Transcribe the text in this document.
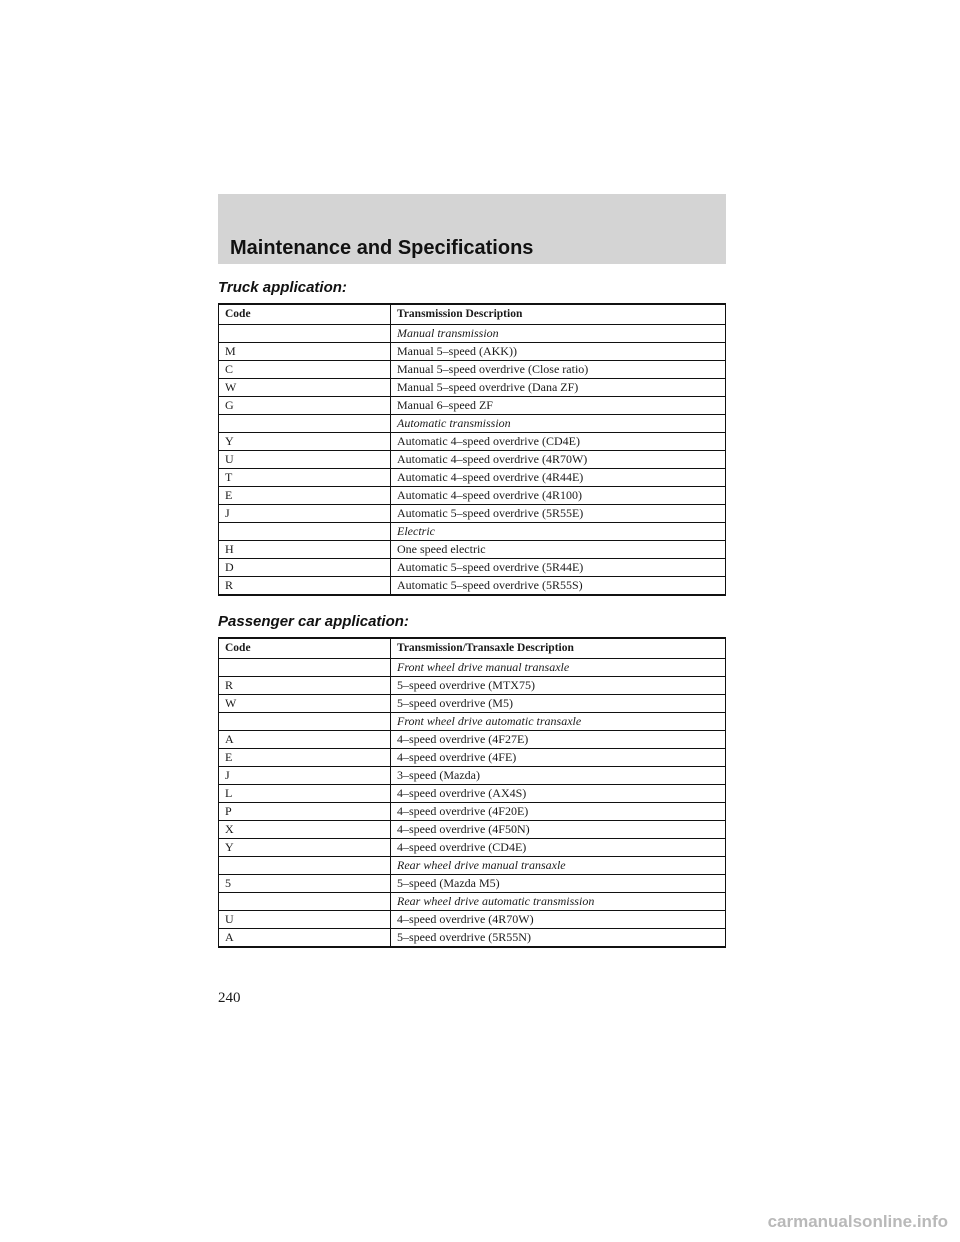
Maintenance and Specifications
Truck application:
Code	Transmission Description
	Manual transmission
M	Manual 5–speed (AKK))
C	Manual 5–speed overdrive (Close ratio)
W	Manual 5–speed overdrive (Dana ZF)
G	Manual 6–speed ZF
	Automatic transmission
Y	Automatic 4–speed overdrive (CD4E)
U	Automatic 4–speed overdrive (4R70W)
T	Automatic 4–speed overdrive (4R44E)
E	Automatic 4–speed overdrive (4R100)
J	Automatic 5–speed overdrive (5R55E)
	Electric
H	One speed electric
D	Automatic 5–speed overdrive (5R44E)
R	Automatic 5–speed overdrive (5R55S)
Passenger car application:
Code	Transmission/Transaxle Description
	Front wheel drive manual transaxle
R	5–speed overdrive (MTX75)
W	5–speed overdrive (M5)
	Front wheel drive automatic transaxle
A	4–speed overdrive (4F27E)
E	4–speed overdrive (4FE)
J	3–speed (Mazda)
L	4–speed overdrive (AX4S)
P	4–speed overdrive (4F20E)
X	4–speed overdrive (4F50N)
Y	4–speed overdrive (CD4E)
	Rear wheel drive manual transaxle
5	5–speed (Mazda M5)
	Rear wheel drive automatic transmission
U	4–speed overdrive (4R70W)
A	5–speed overdrive (5R55N)

240

carmanualsonline.info
